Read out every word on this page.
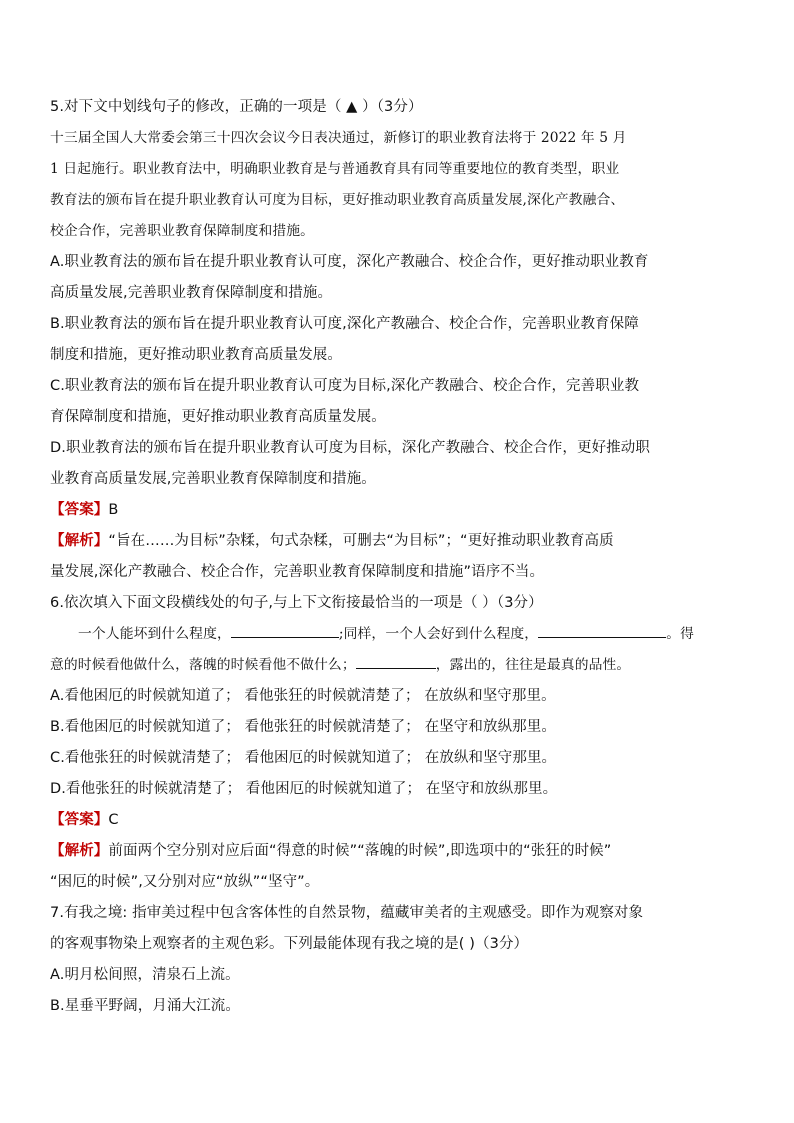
5.对下文中划线句子的修改，正确的一项是（ ▲ ）（3分）
十三届全国人大常委会第三十四次会议今日表决通过，新修订的职业教育法将于 2022 年 5 月
1 日起施行。职业教育法中，明确职业教育是与普通教育具有同等重要地位的教育类型，职业
教育法的颁布旨在提升职业教育认可度为目标，更好推动职业教育高质量发展,深化产教融合、
校企合作，完善职业教育保障制度和措施。
A.职业教育法的颁布旨在提升职业教育认可度，深化产教融合、校企合作，更好推动职业教育
高质量发展,完善职业教育保障制度和措施。
B.职业教育法的颁布旨在提升职业教育认可度,深化产教融合、校企合作，完善职业教育保障
制度和措施，更好推动职业教育高质量发展。
C.职业教育法的颁布旨在提升职业教育认可度为目标,深化产教融合、校企合作，完善职业教
育保障制度和措施，更好推动职业教育高质量发展。
D.职业教育法的颁布旨在提升职业教育认可度为目标，深化产教融合、校企合作，更好推动职
业教育高质量发展,完善职业教育保障制度和措施。
【答案】B
【解析】“旨在……为目标”杂糅，句式杂糅，可删去“为目标”；“更好推动职业教育高质
量发展,深化产教融合、校企合作，完善职业教育保障制度和措施”语序不当。
6.依次填入下面文段横线处的句子,与上下文衔接最恰当的一项是（ ）（3分）
一个人能坏到什么程度，	;同样，一个人会好到什么程度，	。得
意的时候看他做什么，落魄的时候看他不做什么；	，露出的，往往是最真的品性。
A.看他困厄的时候就知道了； 看他张狂的时候就清楚了； 在放纵和坚守那里。
B.看他困厄的时候就知道了； 看他张狂的时候就清楚了； 在坚守和放纵那里。
C.看他张狂的时候就清楚了； 看他困厄的时候就知道了； 在放纵和坚守那里。
D.看他张狂的时候就清楚了； 看他困厄的时候就知道了； 在坚守和放纵那里。
【答案】C
【解析】前面两个空分别对应后面“得意的时候”“落魄的时候”,即选项中的“张狂的时候”
“困厄的时候”,又分别对应“放纵”“坚守”。
7.有我之境: 指审美过程中包含客体性的自然景物，蕴藏审美者的主观感受。即作为观察对象
的客观事物染上观察者的主观色彩。下列最能体现有我之境的是( )（3分）
A.明月松间照，清泉石上流。
B.星垂平野阔，月涌大江流。
